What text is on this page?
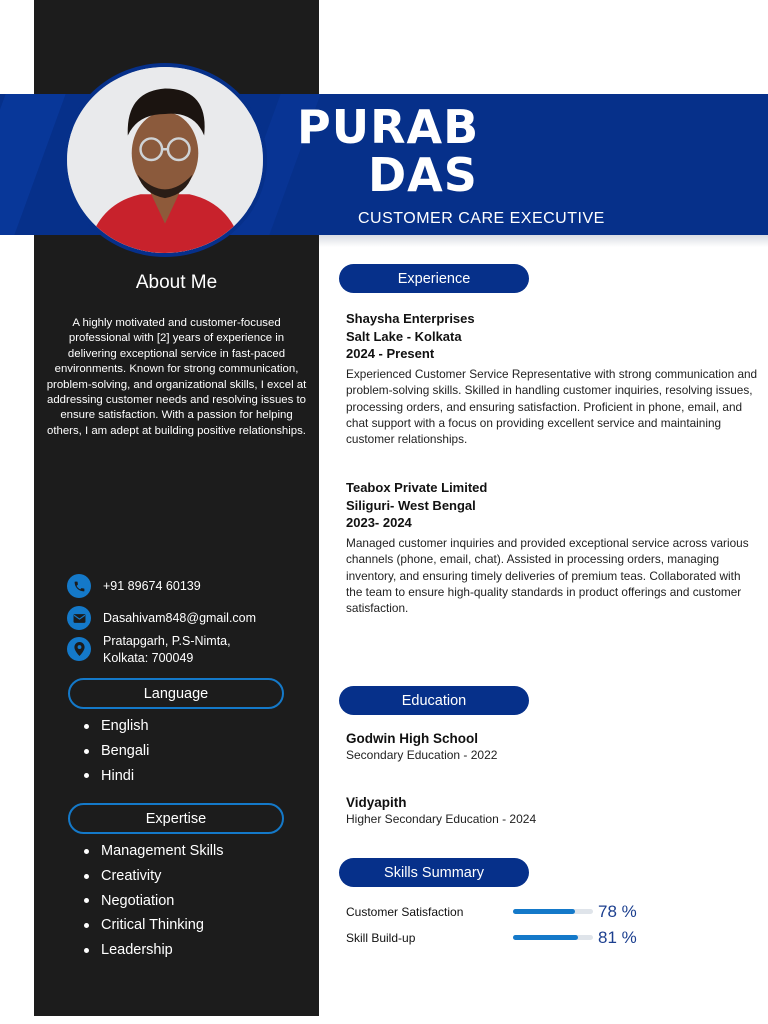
PURAB
DAS
CUSTOMER CARE EXECUTIVE
About Me
A highly motivated and customer-focused professional with [2] years of experience in delivering exceptional service in fast-paced environments. Known for strong communication, problem-solving, and organizational skills, I excel at addressing customer needs and resolving issues to ensure satisfaction. With a passion for helping others, I am adept at building positive relationships.
+91 89674 60139
Dasahivam848@gmail.com
Pratapgarh, P.S-Nimta,
Kolkata: 700049
Language
English
Bengali
Hindi
Expertise
Management Skills
Creativity
Negotiation
Critical Thinking
Leadership
Experience
Shaysha Enterprises
Salt Lake - Kolkata
2024 - Present
Experienced Customer Service Representative with strong communication and problem-solving skills. Skilled in handling customer inquiries, resolving issues, processing orders, and ensuring satisfaction. Proficient in phone, email, and chat support with a focus on providing excellent service and maintaining customer relationships.
Teabox Private Limited
Siliguri- West Bengal
2023- 2024
Managed customer inquiries and provided exceptional service across various channels (phone, email, chat). Assisted in processing orders, managing inventory, and ensuring timely deliveries of premium teas. Collaborated with the team to ensure high-quality standards in product offerings and customer satisfaction.
Education
Godwin High School
Secondary Education - 2022
Vidyapith
Higher Secondary Education - 2024
Skills Summary
Customer Satisfaction	78 %
Skill Build-up	81 %
